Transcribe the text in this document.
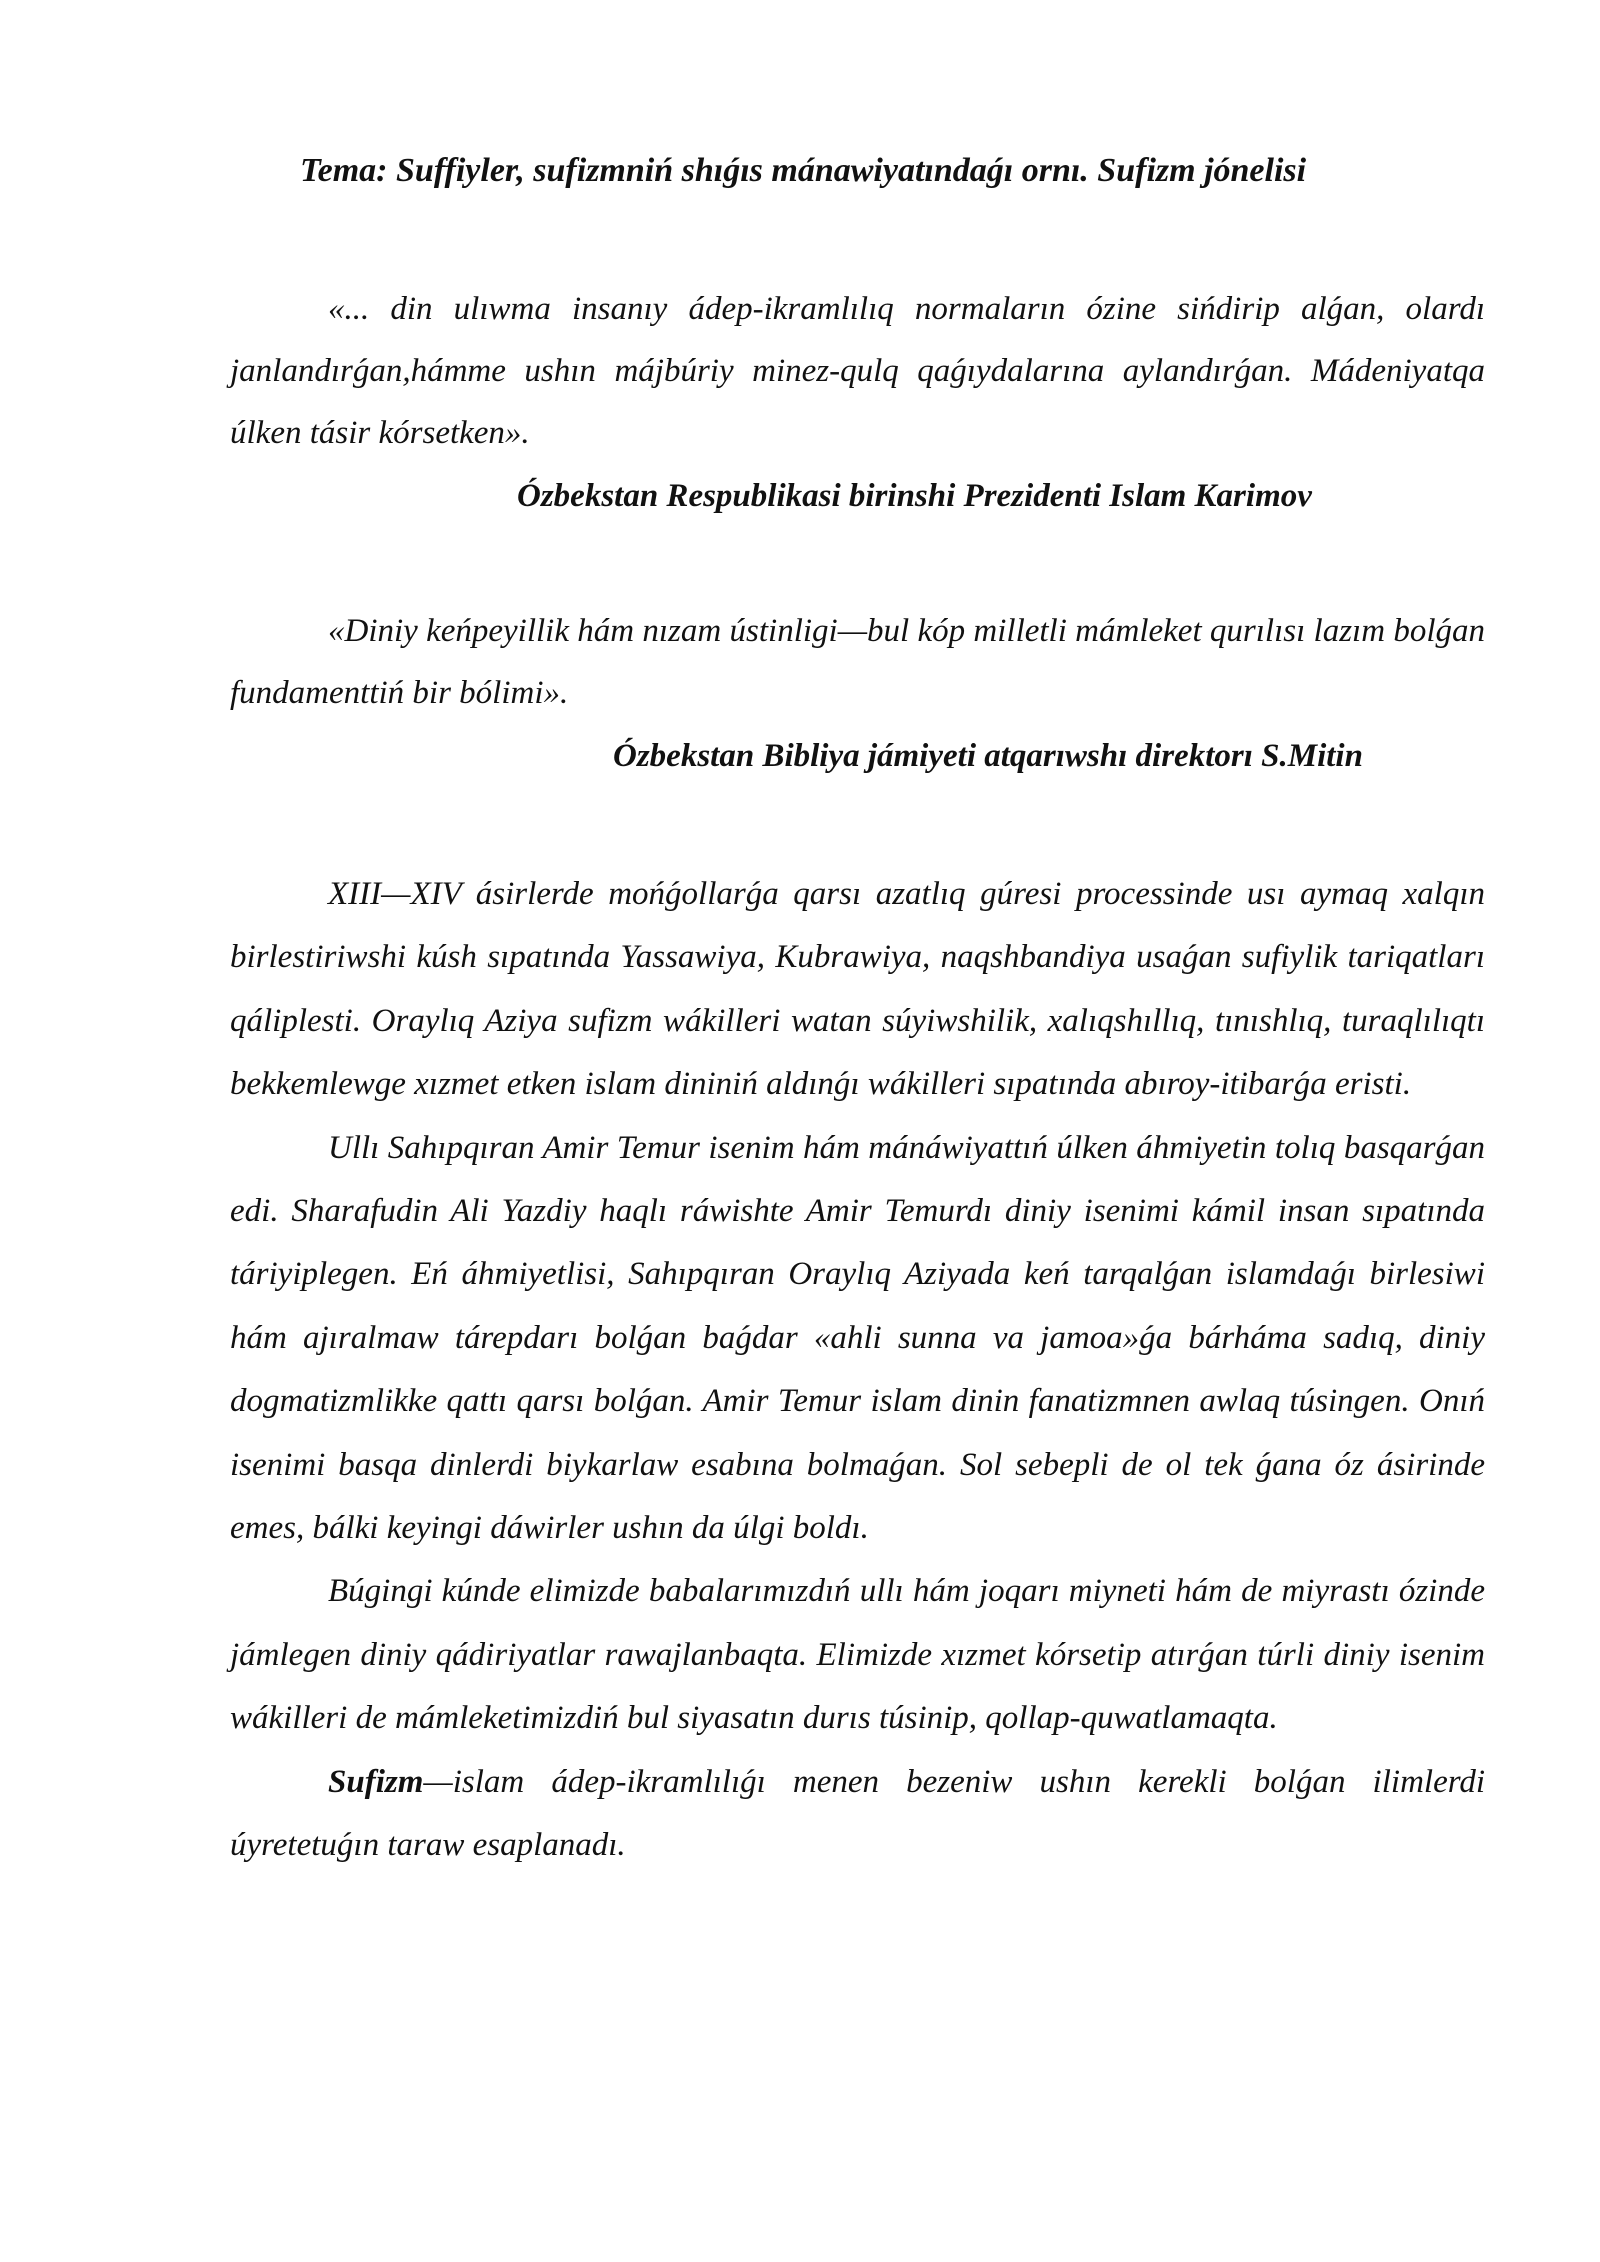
Tema: Suffiyler, sufizmniń shıǵıs mánawiyatındaǵı ornı. Sufizm jónelisi

«... din ulıwma insanıy ádep-ikramlılıq normaların ózine sińdirip alǵan, olardı janlandırǵan,hámme ushın májbúriy minez-qulq qaǵıydalarına aylandırǵan. Mádeniyatqa úlken tásir kórsetken».

Ózbekstan Respublikasi birinshi Prezidenti Islam Karimov

«Diniy keńpeyillik hám nızam ústinligi—bul kóp milletli mámleket qurılısı lazım bolǵan fundamenttiń bir bólimi».

Ózbekstan Bibliya jámiyeti atqarıwshı direktorı S.Mitin

XIII—XIV ásirlerde mońǵollarǵa qarsı azatlıq gúresi processinde usı aymaq xalqın birlestiriwshi kúsh sıpatında Yassawiya, Kubrawiya, naqshbandiya usaǵan sufiylik tariqatları qáliplesti. Oraylıq Aziya sufizm wákilleri watan súyiwshilik, xalıqshıllıq, tınıshlıq, turaqlılıqtı bekkemlewge xızmet etken islam dininiń aldınǵı wákilleri sıpatında abıroy-itibarǵa eristi.

Ullı Sahıpqıran Amir Temur isenim hám mánáwiyattıń úlken áhmiyetin tolıq basqarǵan edi. Sharafudin Ali Yazdiy haqlı ráwishte Amir Temurdı diniy isenimi kámil insan sıpatında táriyiplegen. Eń áhmiyetlisi, Sahıpqıran Oraylıq Aziyada keń tarqalǵan islamdaǵı birlesiwi hám ajıralmaw tárepdarı bolǵan baǵdar «ahli sunna va jamoa»ǵa bárháma sadıq, diniy dogmatizmlikke qattı qarsı bolǵan. Amir Temur islam dinin fanatizmnen awlaq túsingen. Onıń isenimi basqa dinlerdi biykarlaw esabına bolmaǵan. Sol sebepli de ol tek ǵana óz ásirinde emes, bálki keyingi dáwirler ushın da úlgi boldı.

Búgingi kúnde elimizde babalarımızdıń ullı hám joqarı miyneti hám de miyrastı ózinde jámlegen diniy qádiriyatlar rawajlanbaqta. Elimizde xızmet kórsetip atırǵan túrli diniy isenim wákilleri de mámleketimizdiń bul siyasatın durıs túsinip, qollap-quwatlamaqta.

Sufizm—islam ádep-ikramlılıǵı menen bezeniw ushın kerekli bolǵan ilimlerdi úyretetuǵın taraw esaplanadı.
